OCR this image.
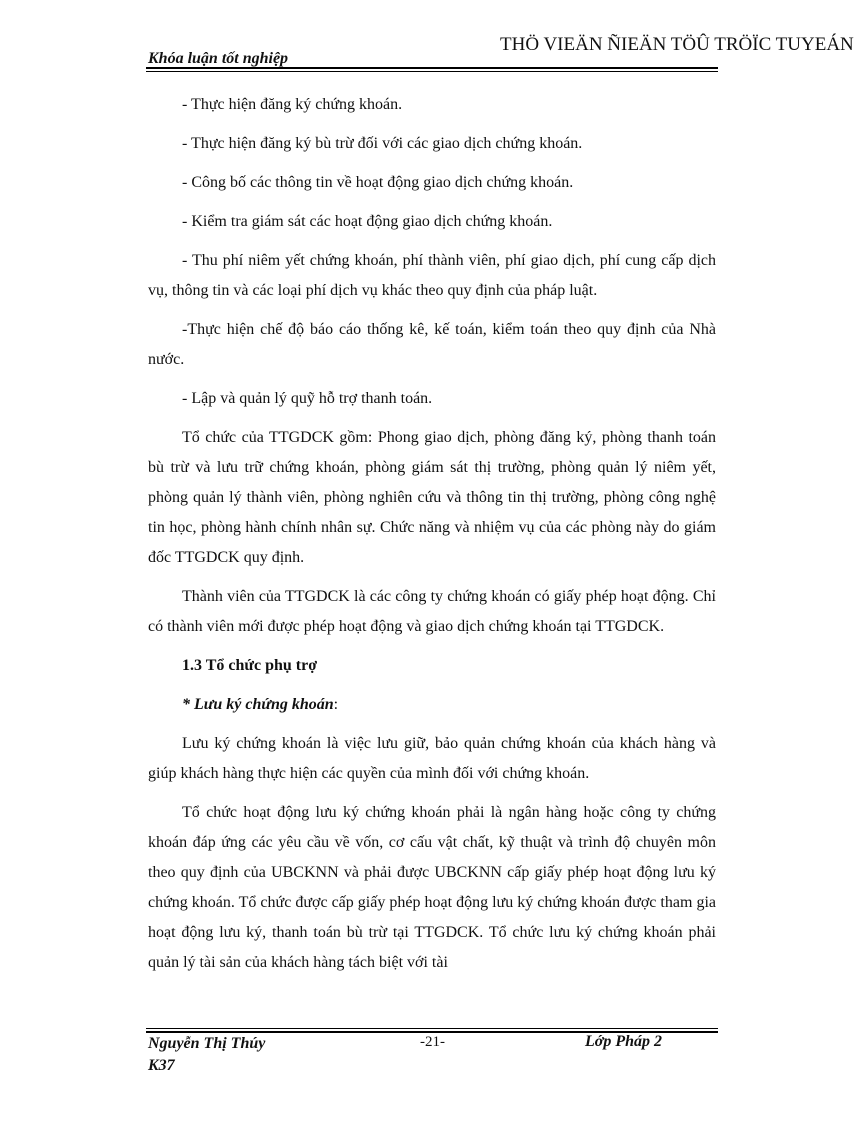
Khóa luận tốt nghiệp
THÖ VIEÄN ÑIEÄN TÖÛ TRÖÏC TUYEÁN

- Thực hiện đăng ký chứng khoán.

- Thực hiện đăng ký bù trừ đối với các giao dịch chứng khoán.

- Công bố các thông tin về hoạt động giao dịch chứng khoán.

- Kiểm tra giám sát các hoạt động giao dịch chứng khoán.

- Thu phí niêm yết chứng khoán, phí thành viên, phí giao dịch, phí cung cấp dịch vụ, thông tin và các loại phí dịch vụ khác theo quy định của pháp luật.

-Thực hiện chế độ báo cáo thống kê, kế toán, kiểm toán theo quy định của Nhà nước.

- Lập và quản lý quỹ hỗ trợ thanh toán.

Tổ chức của TTGDCK gồm: Phong giao dịch, phòng đăng ký, phòng thanh toán bù trừ và lưu trữ chứng khoán, phòng giám sát thị trường, phòng quản lý niêm yết, phòng quản lý thành viên, phòng nghiên cứu và thông tin thị trường, phòng công nghệ tin học, phòng hành chính nhân sự. Chức năng và nhiệm vụ của các phòng này do giám đốc TTGDCK quy định.

Thành viên của TTGDCK là các công ty chứng khoán có giấy phép hoạt động. Chỉ có thành viên mới được phép hoạt động và giao dịch chứng khoán tại TTGDCK.

1.3 Tổ chức phụ trợ

* Lưu ký chứng khoán:

Lưu ký chứng khoán là việc lưu giữ, bảo quản chứng khoán của khách hàng và giúp khách hàng thực hiện các quyền của mình đối với chứng khoán.

Tổ chức hoạt động lưu ký chứng khoán phải là ngân hàng hoặc công ty chứng khoán đáp ứng các yêu cầu về vốn, cơ cấu vật chất, kỹ thuật và trình độ chuyên môn theo quy định của UBCKNN và phải được UBCKNN cấp giấy phép hoạt động lưu ký chứng khoán. Tổ chức được cấp giấy phép hoạt động lưu ký chứng khoán được tham gia hoạt động lưu ký, thanh toán bù trừ tại TTGDCK. Tổ chức lưu ký chứng khoán phải quản lý tài sản của khách hàng tách biệt với tài

Nguyễn Thị Thúy
K37
-21-	Lớp Pháp 2
